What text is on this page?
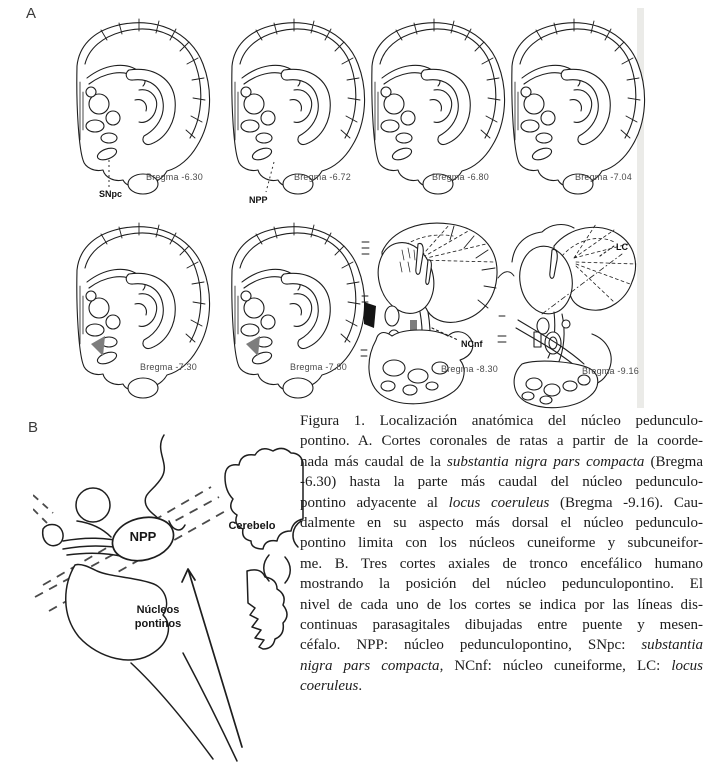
A
Bregma -6.30
SNpc
Bregma -6.72
NPP
Bregma -6.80	Bregma -7.04
Bregma -7.30	Bregma -7.80	Bregma -8.30
NCnf
Bregma -9.16
LC
B
NPP
Cerebelo
Núcleos pontinos
Figura 1. Localización anatómica del núcleo pedunculo-
pontino. A. Cortes coronales de ratas a partir de la coorde-
nada más caudal de la substantia nigra pars compacta (Bregma
-6.30) hasta la parte más caudal del núcleo pedunculo-
pontino adyacente al locus coeruleus (Bregma -9.16). Cau-
dalmente en su aspecto más dorsal el núcleo pedunculo-
pontino limita con los núcleos cuneiforme y subcuneifor-
me. B. Tres cortes axiales de tronco encefálico humano
mostrando la posición del núcleo pedunculopontino. El
nivel de cada uno de los cortes se indica por las líneas dis-
continuas parasagitales dibujadas entre puente y mesen-
céfalo. NPP: núcleo pedunculopontino, SNpc: substantia
nigra pars compacta, NCnf: núcleo cuneiforme, LC: locus
coeruleus.
